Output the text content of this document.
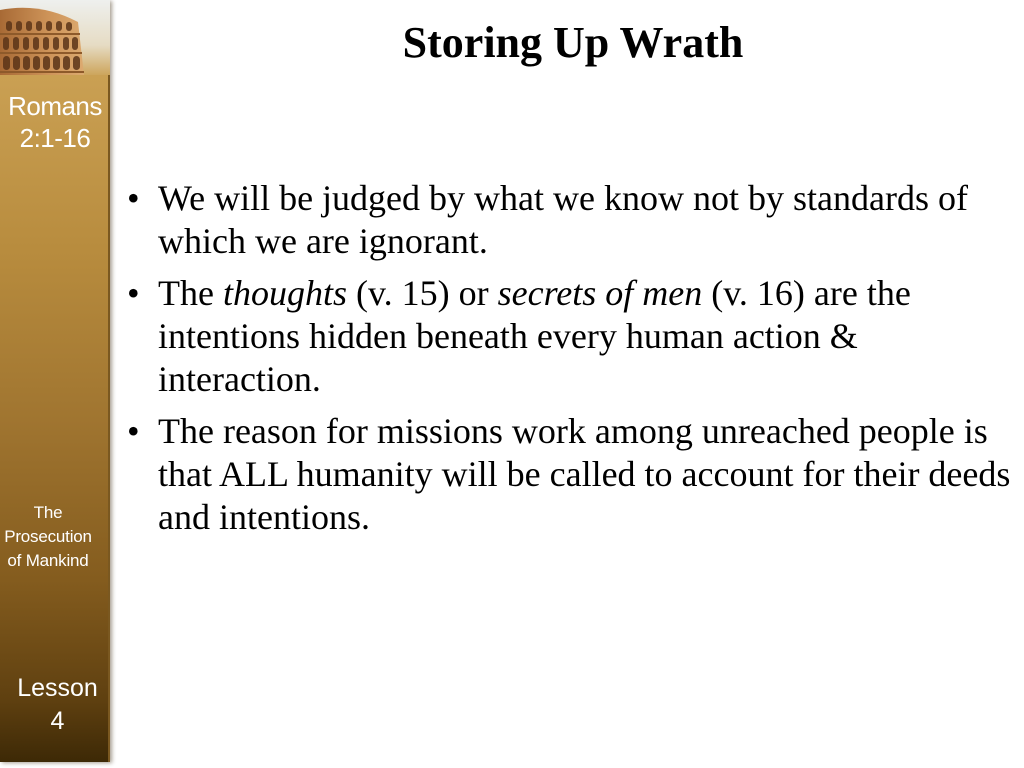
Romans
2:1-16
The
Prosecution
of Mankind
Lesson
4
Storing Up Wrath
•
We will be judged by what we know not by standards of which we are ignorant.
•
The thoughts (v. 15) or secrets of men (v. 16) are the intentions hidden beneath every human action & interaction.
•
The reason for missions work among unreached people is that ALL humanity will be called to account for their deeds and intentions.
